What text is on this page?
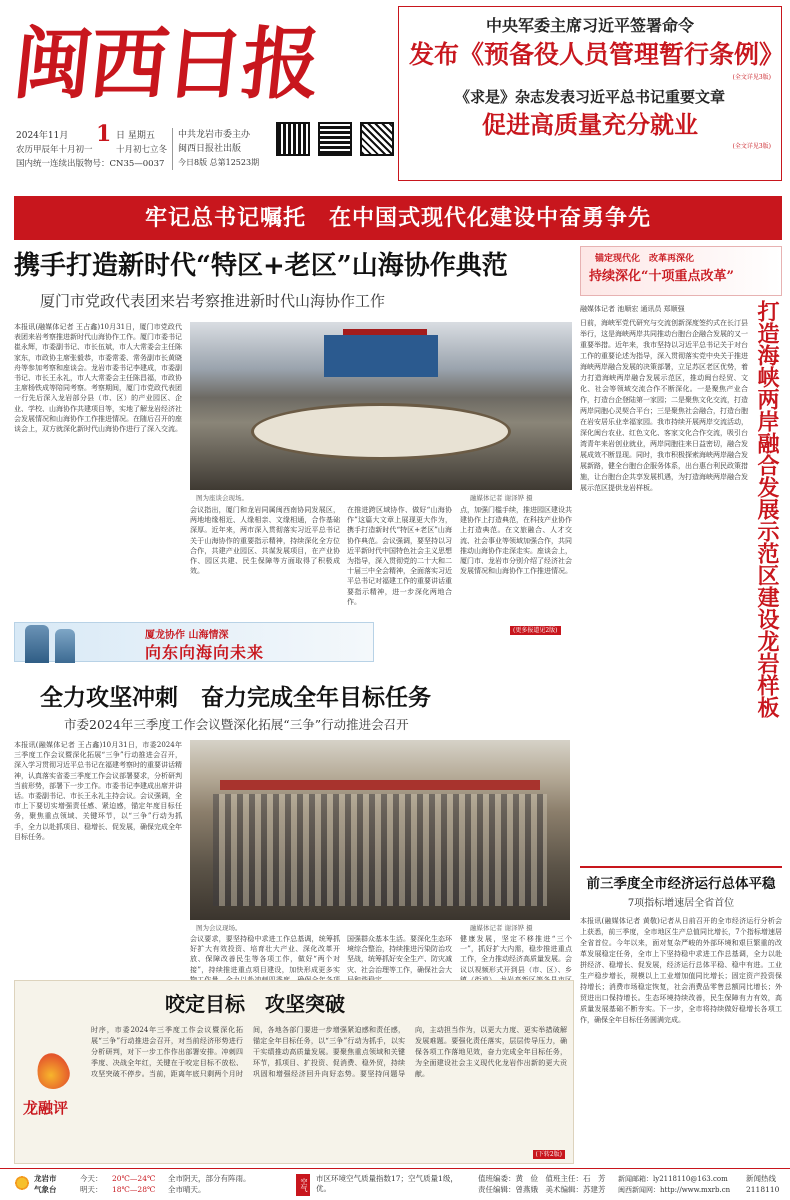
闽西日报
2024年11月 1 日 星期五
农历甲辰年十月初一	十月初七立冬
国内统一连续出版物号：CN35—0037
中共龙岩市委主办
闽西日报社出版
今日8版 总第12523期
中央军委主席习近平签署命令
发布《预备役人员管理暂行条例》
(全文详见3版)
《求是》杂志发表习近平总书记重要文章
促进高质量充分就业
(全文详见3版)
牢记总书记嘱托　在中国式现代化建设中奋勇争先
携手打造新时代“特区+老区”山海协作典范
厦门市党政代表团来岩考察推进新时代山海协作工作
本报讯(融媒体记者 王占鑫)10月31日，厦门市党政代表团来岩考察推进新时代山海协作工作。厦门市委书记崔永辉，市委副书记、市长伍斌，市人大常委会主任陈家东，市政协主席张毅恭，市委常委、常务副市长黄晓舟等参加考察和座谈会。龙岩市委书记李建成，市委副书记、市长王永礼，市人大常委会主任陈昌福，市政协主席杨铁成等陪同考察。考察期间，厦门市党政代表团一行先后深入龙岩部分县（市、区）的产业园区、企业、学校、山海协作共建项目等，实地了解龙岩经济社会发展情况和山海协作工作推进情况。在随后召开的座谈会上，双方就深化新时代山海协作进行了深入交流。
图为座谈会现场。	融媒体记者 谢泽铧 摄
会议指出，厦门和龙岩同属闽西南协同发展区，两地地缘相近、人缘相亲、文缘相通，合作基础深厚。近年来，两市深入贯彻落实习近平总书记关于山海协作的重要指示精神，持续深化全方位合作，共建产业园区、共谋发展项目，在产业协作、园区共建、民生保障等方面取得了积极成效。
在推进跨区域协作、做好“山海协作”这篇大文章上展现更大作为，携手打造新时代“特区+老区”山海协作典范。会议强调，要坚持以习近平新时代中国特色社会主义思想为指导，深入贯彻党的二十大和二十届三中全会精神，全面落实习近平总书记对福建工作的重要讲话重要指示精神，进一步深化两地合作。
点，加强门槛手续，推进园区建设共建协作上打造典范，在科技产业协作上打造典范。在文旅融合、人才交流、社会事业等领域加强合作，共同推动山海协作走深走实。座谈会上，厦门市、龙岩市分别介绍了经济社会发展情况和山海协作工作推进情况。
(更多报道见2版)
厦龙协作 山海情深
向东向海向未来
锚定现代化　改革再深化
持续深化“十项重点改革”
融媒体记者 池顺宏 通讯员 郑顺强
日前，海峡军党代研究与交流创新深度签约式在长汀县举行，这是海峡两岸共同推动台胞台企融合发展的又一重要举措。近年来，我市坚持以习近平总书记关于对台工作的重要论述为指导，深入贯彻落实党中央关于推进海峡两岸融合发展的决策部署，立足苏区老区优势，着力打造海峡两岸融合发展示范区，推动闽台经贸、文化、社会等领域交流合作不断深化。一是聚焦产业合作，打造台企登陆第一家园；二是聚焦文化交流，打造两岸同胞心灵契合平台；三是聚焦社会融合，打造台胞在岩安居乐业幸福家园。我市持续开展两岸交流活动，深化闽台农业、红色文化、客家文化合作交流，吸引台湾青年来岩创业就业，两岸同胞往来日益密切，融合发展成效不断显现。同时，我市积极探索海峡两岸融合发展新路，健全台胞台企服务体系，出台惠台利民政策措施，让台胞台企共享发展机遇，为打造海峡两岸融合发展示范区提供龙岩样板。	打造海峡两岸融合发展示范区建设龙岩样板
全力攻坚冲刺　奋力完成全年目标任务
市委2024年三季度工作会议暨深化拓展“三争”行动推进会召开
本报讯(融媒体记者 王占鑫)10月31日，市委2024年三季度工作会议暨深化拓展“三争”行动推进会召开，深入学习贯彻习近平总书记在福建考察时的重要讲话精神，认真落实省委三季度工作会议部署要求，分析研判当前形势，部署下一步工作。市委书记李建成出席并讲话。市委副书记、市长王永礼主持会议。会议强调，全市上下要切实增强责任感、紧迫感，锚定年度目标任务，聚焦重点领域、关键环节，以“三争”行动为抓手，全力以赴抓项目、稳增长、促发展，确保完成全年目标任务。
图为会议现场。	融媒体记者 谢泽铧 摄
会议要求，要坚持稳中求进工作总基调，统筹抓好扩大有效投资、培育壮大产业、深化改革开放、保障改善民生等各项工作，做好“两个对接”，持续推进重点项目建设，加快形成更多实
国强群众基本生活。要深化生态环境综合整治，持续推进污染防治攻坚战，统筹抓好安全生产、防灾减灾、社会治理等工作，确保社会大
健康发展，坚定不移推进“三个一”，抓好扩大内需，稳步推进重点工作，全力推动经济高质量发展。会议以视频形式开到县（市、区）、乡
前三季度全市经济运行总体平稳
7项指标增速居全省首位
本报讯(融媒体记者 黄敬)记者从日前召开的全市经济运行分析会上获悉，前三季度，全市地区生产总值同比增长，7个指标增速居全省首位。今年以来，面对复杂严峻的外部环境和艰巨繁重的改革发展稳定任务，全市上下坚持稳中求进工作总基调，全力以赴拼经济、稳增长、促发展，经济运行总体平稳、稳中有进。工业生产稳步增长，规模以上工业增加值同比增长；固定资产投资保持增长；消费市场稳定恢复，社会消费品零售总额同比增长；外贸进出口保持增长。生态环境持续改善，民生保障有力有效，高质量发展基础不断夯实。下一步，全市将持续做好稳增长各项工作，确保全年目标任务圆满完成。
咬定目标　攻坚突破
龙融评
时序，市委2024年三季度工作会议暨深化拓展“三争”行动推进会召开，对当前经济形势进行分析研判，对下一步工作作出部署安排。冲刺四季度、决战全年红，关键在于咬定目标不放松、攻坚突破不停步。当前，距离年底只剩两个月时间，各地各部门要进一步增强紧迫感和责任感，锚定全年目标任务，以“三争”行动为抓手，以实干实绩推动高质量发展。要聚焦重点领域和关键环节，抓项目、扩投资、促消费、稳外贸，持续巩固和增强经济回升向好态势。要坚持问题导向，主动担当作为，以更大力度、更实举措破解发展难题。要强化责任落实，层层传导压力，确保各项工作落地见效，奋力完成全年目标任务，为全面建设社会主义现代化龙岩作出新的更大贡献。
(下转2版)
龙岩市
气象台
今天： 20℃—24℃ 全市阴天，部分有阵雨。
明天： 18℃—28℃ 全市晴天。	空气 市区环境空气质量指数17；空气质量1级，优。
值班编委：黄　俭　值班主任：石　芳
责任编辑：曾燕娥　美术编辑：苏建芳
新闻邮箱：ly2118110@163.com
闽西新闻网：http://www.mxrb.cn
新闻热线
2118110
